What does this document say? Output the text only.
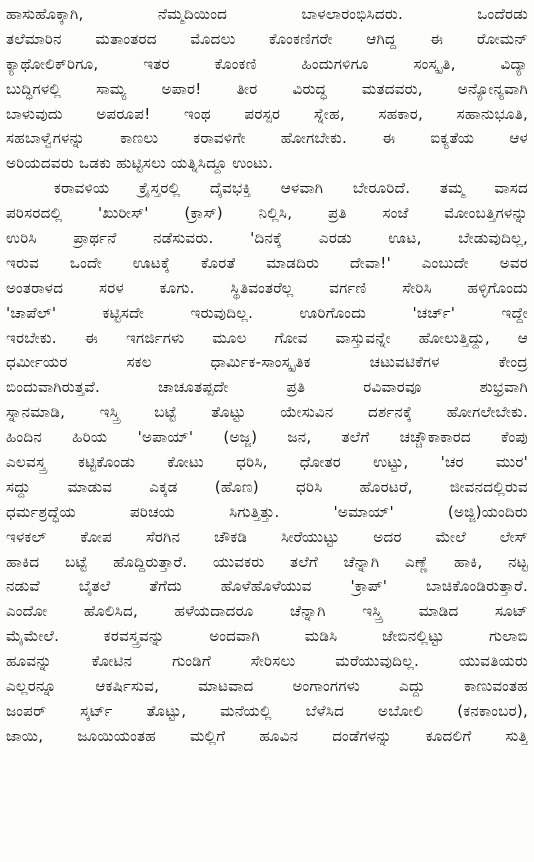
ಹಾಸುಹೊಕ್ಕಾಗಿ, ನೆಮ್ಮದಿಯಿಂದ ಬಾಳಲಾರಂಭಿಸಿದರು. ಒಂದೆರಡು
ತಲೆಮಾರಿನ ಮತಾಂತರದ ಮೊದಲು ಕೊಂಕಣಿಗರೇ ಆಗಿದ್ದ ಈ ರೋಮನ್
ಕ್ಯಾಥೋಲಿಕ್‌ರಿಗೂ, ಇತರ ಕೊಂಕಣಿ ಹಿಂದುಗಳಿಗೂ ಸಂಸ್ಕೃತಿ, ವಿದ್ಯಾ
ಬುದ್ಧಿಗಳಲ್ಲಿ ಸಾಮ್ಯ ಅಪಾರ! ತೀರ ವಿರುದ್ಧ ಮತದವರು, ಅನ್ಯೋನ್ಯವಾಗಿ
ಬಾಳುವುದು ಅಪರೂಪ! ಇಂಥ ಪರಸ್ಪರ ಸ್ನೇಹ, ಸಹಕಾರ, ಸಹಾನುಭೂತಿ,
ಸಹಬಾಳ್ವೆಗಳನ್ನು ಕಾಣಲು ಕರಾವಳಿಗೇ ಹೋಗಬೇಕು. ಈ ಐಕ್ಯತೆಯ ಆಳ
ಅರಿಯದವರು ಒಡಕು ಹುಟ್ಟಿಸಲು ಯತ್ನಿಸಿದ್ದೂ ಉಂಟು.
ಕರಾವಳಿಯ ಕ್ರೈಸ್ತರಲ್ಲಿ ದೈವಭಕ್ತಿ ಆಳವಾಗಿ ಬೇರೂರಿದೆ. ತಮ್ಮ ವಾಸದ
ಪರಿಸರದಲ್ಲಿ 'ಖುರೀಸ್' (ಕ್ರಾಸ್) ನಿಲ್ಲಿಸಿ, ಪ್ರತಿ ಸಂಜೆ ಮೋಂಬತ್ತಿಗಳನ್ನು
ಉರಿಸಿ ಪ್ರಾರ್ಥನೆ ನಡೆಸುವರು. 'ದಿನಕ್ಕೆ ಎರಡು ಊಟ, ಬೇಡುವುದಿಲ್ಲ,
ಇರುವ ಒಂದೇ ಊಟಕ್ಕೆ ಕೊರತೆ ಮಾಡದಿರು ದೇವಾ!' ಎಂಬುದೇ ಅವರ
ಅಂತರಾಳದ ಸರಳ ಕೂಗು. ಸ್ಥಿತಿವಂತರೆಲ್ಲ ವರ್ಗಣಿ ಸೇರಿಸಿ ಹಳ್ಳಿಗೊಂದು
'ಚಾಪೆಲ್' ಕಟ್ಟಿಸದೇ ಇರುವುದಿಲ್ಲ. ಊರಿಗೊಂದು 'ಚರ್ಚ್' ಇದ್ದೇ
ಇರಬೇಕು. ಈ ಇಗರ್ಜಿಗಳು ಮೂಲ ಗೋವ ವಾಸ್ತುವನ್ನೇ ಹೋಲುತ್ತಿದ್ದು, ಆ
ಧರ್ಮೀಯರ ಸಕಲ ಧಾರ್ಮಿಕ-ಸಾಂಸ್ಕೃತಿಕ ಚಟುವಟಿಕೆಗಳ ಕೇಂದ್ರ
ಬಿಂದುವಾಗಿರುತ್ತವೆ. ಚಾಚೂತಪ್ಪದೇ ಪ್ರತಿ ರವಿವಾರವೂ ಶುಭ್ರವಾಗಿ
ಸ್ನಾನಮಾಡಿ, ಇಸ್ತ್ರಿ ಬಟ್ಟೆ ತೊಟ್ಟು ಯೇಸುವಿನ ದರ್ಶನಕ್ಕೆ ಹೋಗಲೇಬೇಕು.
ಹಿಂದಿನ ಹಿರಿಯ 'ಅಪಾಯ್' (ಅಜ್ಜ) ಜನ, ತಲೆಗೆ ಚಚ್ಚೌಕಾಕಾರದ ಕೆಂಪು
ಎಲವಸ್ತ್ರ ಕಟ್ಟಿಕೊಂಡು ಕೋಟು ಧರಿಸಿ, ಧೋತರ ಉಟ್ಟು, 'ಚರ ಮುರ'
ಸದ್ದು ಮಾಡುವ ಎಕ್ಕಡ (ಹೊಣ) ಧರಿಸಿ ಹೊರಟರೆ, ಜೀವನದಲ್ಲಿರುವ
ಧರ್ಮಶ್ರದ್ಧೆಯ ಪರಿಚಯ ಸಿಗುತ್ತಿತ್ತು. 'ಅಮಾಯ್' (ಅಜ್ಜಿ)ಯಂದಿರು
ಇಳಕಲ್ ಕೋಪ ಸೆರಗಿನ ಚೌಕಡಿ ಸೀರೆಯುಟ್ಟು ಅದರ ಮೇಲೆ ಲೇಸ್
ಹಾಕಿದ ಬಟ್ಟೆ ಹೊದ್ದಿರುತ್ತಾರೆ. ಯುವಕರು ತಲೆಗೆ ಚೆನ್ನಾಗಿ ಎಣ್ಣೆ ಹಾಕಿ, ನಟ್ಟ
ನಡುವೆ ಬೈತಲೆ ತೆಗೆದು ಹೊಳೆಹೊಳೆಯುವ 'ಕ್ರಾಪ್' ಬಾಚಿಕೊಂಡಿರುತ್ತಾರೆ.
ಎಂದೋ ಹೊಲಿಸಿದ, ಹಳೆಯದಾದರೂ ಚೆನ್ನಾಗಿ ಇಸ್ತ್ರಿ ಮಾಡಿದ ಸೂಟ್
ಮೈಮೇಲೆ. ಕರವಸ್ತ್ರವನ್ನು ಅಂದವಾಗಿ ಮಡಿಸಿ ಜೇಬಿನಲ್ಲಿಟ್ಟು ಗುಲಾಬಿ
ಹೂವನ್ನು ಕೋಟಿನ ಗುಂಡಿಗೆ ಸೇರಿಸಲು ಮರೆಯುವುದಿಲ್ಲ. ಯುವತಿಯರು
ಎಲ್ಲರನ್ನೂ ಆಕರ್ಷಿಸುವ, ಮಾಟವಾದ ಅಂಗಾಂಗಗಳು ಎದ್ದು ಕಾಣುವಂತಹ
ಜಂಪರ್ ಸ್ಕರ್ಟ್ ತೊಟ್ಟು, ಮನೆಯಲ್ಲಿ ಬೆಳೆಸಿದ ಅಬೋಲಿ (ಕನಕಾಂಬರ),
ಜಾಯಿ, ಜೂಯಿಯಂತಹ ಮಲ್ಲಿಗೆ ಹೂವಿನ ದಂಡೆಗಳನ್ನು ಕೂದಲಿಗೆ ಸುತ್ತಿ
